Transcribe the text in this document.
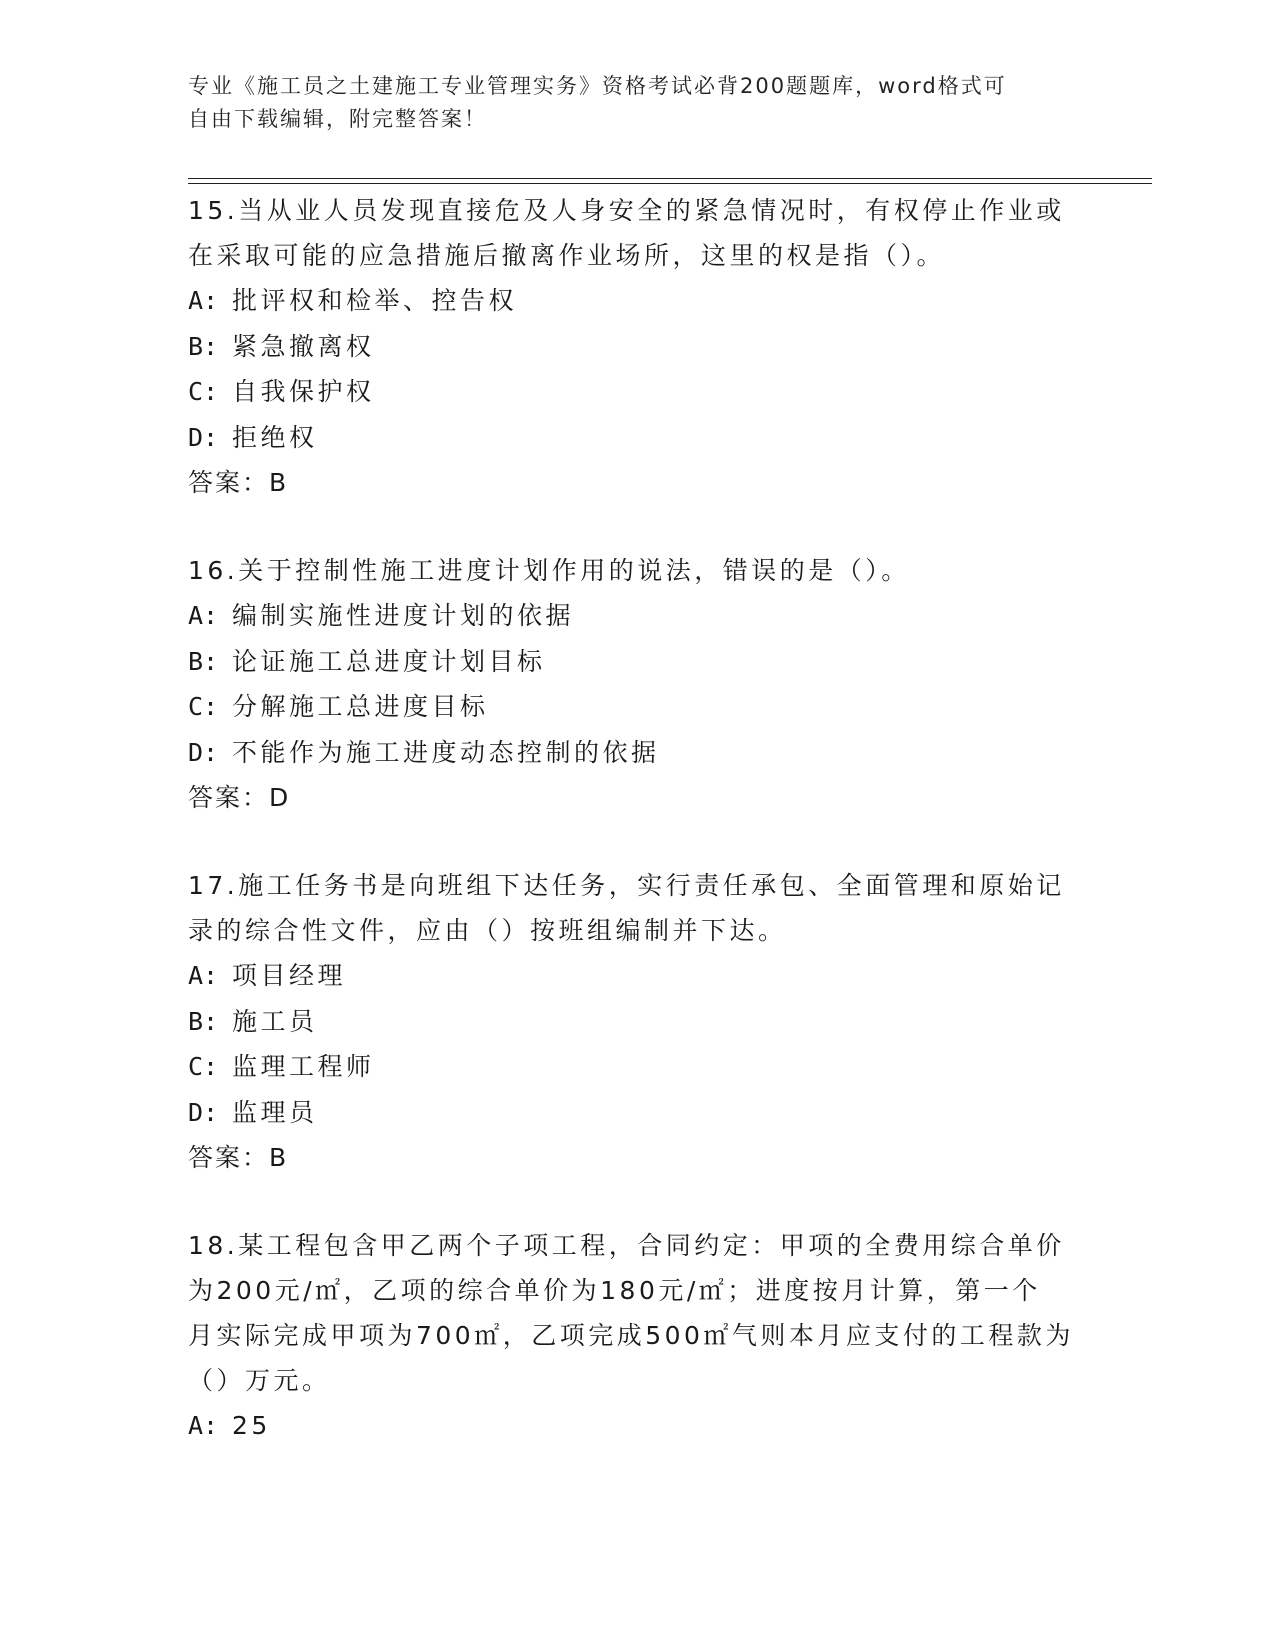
专业《施工员之土建施工专业管理实务》资格考试必背200题题库，word格式可
自由下载编辑，附完整答案！

15.当从业人员发现直接危及人身安全的紧急情况时，有权停止作业或

在采取可能的应急措施后撤离作业场所，这里的权是指（）。

A: 批评权和检举、控告权

B: 紧急撤离权

C: 自我保护权

D: 拒绝权

答案：B

16.关于控制性施工进度计划作用的说法，错误的是（）。

A: 编制实施性进度计划的依据

B: 论证施工总进度计划目标

C: 分解施工总进度目标

D: 不能作为施工进度动态控制的依据

答案：D

17.施工任务书是向班组下达任务，实行责任承包、全面管理和原始记

录的综合性文件，应由（）按班组编制并下达。

A: 项目经理

B: 施工员

C: 监理工程师

D: 监理员

答案：B

18.某工程包含甲乙两个子项工程，合同约定：甲项的全费用综合单价

为200元/㎡，乙项的综合单价为180元/㎡；进度按月计算，第一个

月实际完成甲项为700㎡，乙项完成500㎡气则本月应支付的工程款为

（）万元。

A: 25
